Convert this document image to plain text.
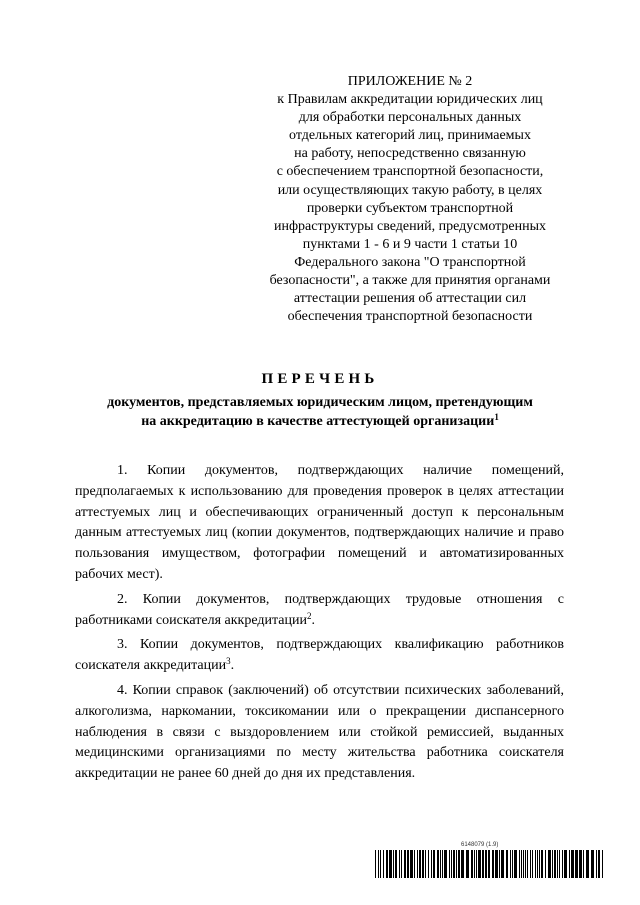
ПРИЛОЖЕНИЕ № 2
к Правилам аккредитации юридических лиц
для обработки персональных данных
отдельных категорий лиц, принимаемых
на работу, непосредственно связанную
с обеспечением транспортной безопасности,
или осуществляющих такую работу, в целях
проверки субъектом транспортной
инфраструктуры сведений, предусмотренных
пунктами 1 - 6 и 9 части 1 статьи 10
Федерального закона "О транспортной
безопасности", а также для принятия органами
аттестации решения об аттестации сил
обеспечения транспортной безопасности
ПЕРЕЧЕНЬ
документов, представляемых юридическим лицом, претендующим
на аккредитацию в качестве аттестующей организации$^1$

1. Копии документов, подтверждающих наличие помещений, предполагаемых к использованию для проведения проверок в целях аттестации аттестуемых лиц и обеспечивающих ограниченный доступ к персональным данным аттестуемых лиц (копии документов, подтверждающих наличие и право пользования имуществом, фотографии помещений и автоматизированных рабочих мест).

2. Копии документов, подтверждающих трудовые отношения с работниками соискателя аккредитации$^2$.

3. Копии документов, подтверждающих квалификацию работников соискателя аккредитации$^3$.

4. Копии справок (заключений) об отсутствии психических заболеваний, алкоголизма, наркомании, токсикомании или о прекращении диспансерного наблюдения в связи с выздоровлением или стойкой ремиссией, выданных медицинскими организациями по месту жительства работника соискателя аккредитации не ранее 60 дней до дня их представления.

6148079 (1.9)
